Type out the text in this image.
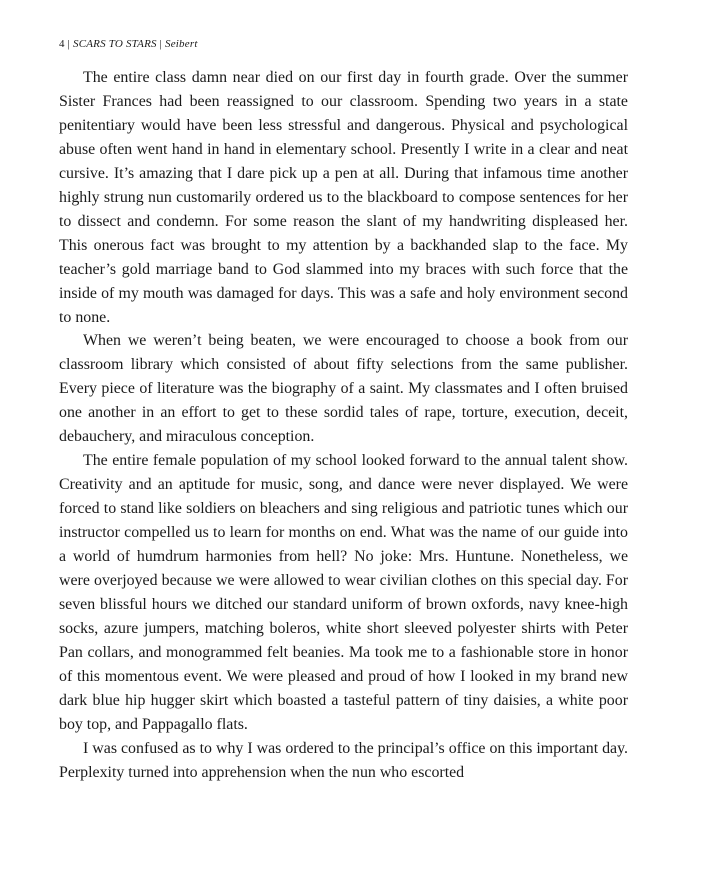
4 | SCARS TO STARS | Seibert

The entire class damn near died on our first day in fourth grade. Over the summer Sister Frances had been reassigned to our classroom. Spending two years in a state penitentiary would have been less stressful and dangerous. Physical and psychological abuse often went hand in hand in elementary school. Presently I write in a clear and neat cursive. It’s amazing that I dare pick up a pen at all. During that infamous time another highly strung nun customarily ordered us to the blackboard to compose sentences for her to dissect and condemn. For some reason the slant of my handwriting displeased her. This onerous fact was brought to my attention by a backhanded slap to the face. My teacher’s gold marriage band to God slammed into my braces with such force that the inside of my mouth was damaged for days. This was a safe and holy environment second to none.

When we weren’t being beaten, we were encouraged to choose a book from our classroom library which consisted of about fifty selections from the same publisher. Every piece of literature was the biography of a saint. My classmates and I often bruised one another in an effort to get to these sordid tales of rape, torture, execution, deceit, debauchery, and miraculous conception.

The entire female population of my school looked forward to the annual talent show. Creativity and an aptitude for music, song, and dance were never displayed. We were forced to stand like soldiers on bleachers and sing religious and patriotic tunes which our instructor compelled us to learn for months on end. What was the name of our guide into a world of humdrum harmonies from hell? No joke: Mrs. Huntune. Nonetheless, we were overjoyed because we were allowed to wear civilian clothes on this special day. For seven blissful hours we ditched our standard uniform of brown oxfords, navy knee-high socks, azure jumpers, matching boleros, white short sleeved polyester shirts with Peter Pan collars, and monogrammed felt beanies. Ma took me to a fashionable store in honor of this momentous event. We were pleased and proud of how I looked in my brand new dark blue hip hugger skirt which boasted a tasteful pattern of tiny daisies, a white poor boy top, and Pappagallo flats.

I was confused as to why I was ordered to the principal’s office on this important day. Perplexity turned into apprehension when the nun who escorted
